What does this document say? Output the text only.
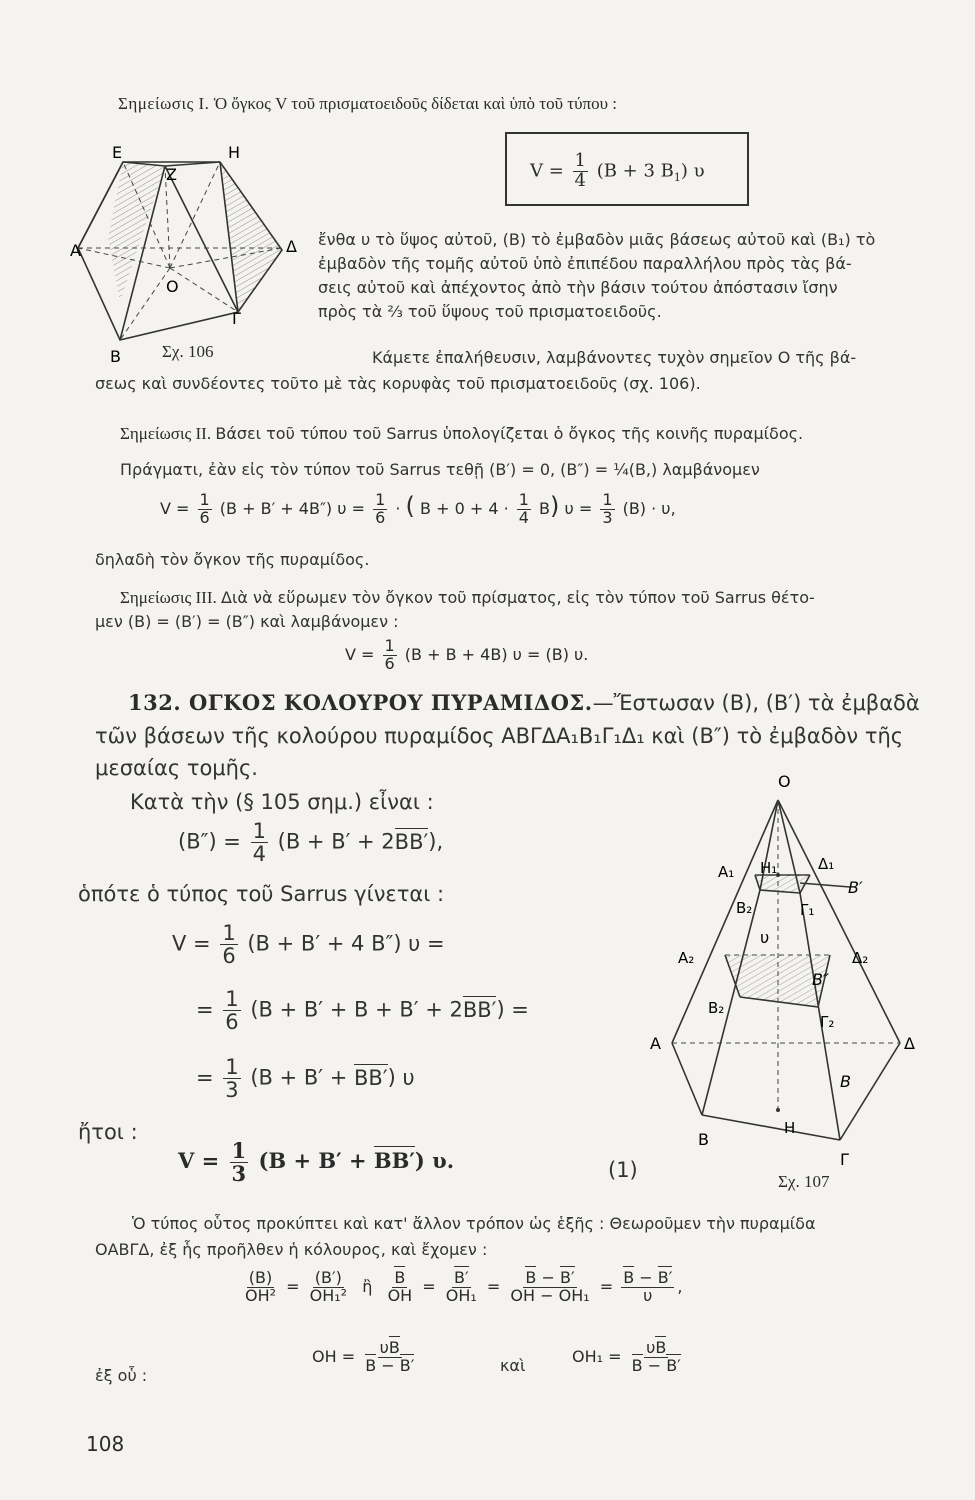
Σημείωσις I. Ὁ ὄγκος V τοῦ πρισματοειδοῦς δίδεται καὶ ὑπὸ τοῦ τύπου :
$V = \frac{1}{4} (B + 3$ $B_1$) υ
ἔνθα υ τὸ ὕψος αὐτοῦ, (B) τὸ ἐμβαδὸν μιᾶς βάσεως αὐτοῦ καὶ (B₁) τὸ
ἐμβαδὸν τῆς τομῆς αὐτοῦ ὑπὸ ἐπιπέδου παραλλήλου πρὸς τὰς βά-
σεις αὐτοῦ καὶ ἀπέχοντος ἀπὸ τὴν βάσιν τούτου ἀπόστασιν ἴσην
πρὸς τὰ ⅔ τοῦ ὕψους τοῦ πρισματοειδοῦς.
Κάμετε ἐπαλήθευσιν, λαμβάνοντες τυχὸν σημεῖον O τῆς βά-
σεως καὶ συνδέοντες τοῦτο μὲ τὰς κορυφὰς τοῦ πρισματοειδοῦς (σχ. 106).
E
Z
H
A
O
Δ
B
Γ
Σχ. 106
Σημείωσις II. Βάσει τοῦ τύπου τοῦ Sarrus ὑπολογίζεται ὁ ὄγκος τῆς κοινῆς πυραμίδος.
Πράγματι, ἐὰν εἰς τὸν τύπον τοῦ Sarrus τεθῇ (B′) = 0, (B″) = ¼(B,) λαμβάνομεν
$V = \frac{1}{6} (B + B' + 4B'') \upsilon = \frac{1}{6}$ · ( $B + 0 + 4 \cdot \frac{1}{4} B$) $\upsilon = \frac{1}{3} (B) \cdot \upsilon$,
δηλαδὴ τὸν ὄγκον τῆς πυραμίδος.
Σημείωσις III. Διὰ νὰ εὕρωμεν τὸν ὄγκον τοῦ πρίσματος, εἰς τὸν τύπον τοῦ Sarrus θέτο-
μεν (B) = (B′) = (B″) καὶ λαμβάνομεν :
$V = \frac{1}{6} (B + B + 4B) \upsilon = (B)$ υ.
132. ΟΓΚΟΣ ΚΟΛΟΥΡΟΥ ΠΥΡΑΜΙΔΟΣ.—Ἔστωσαν (B), (B′) τὰ ἐμβαδὰ
τῶν βάσεων τῆς κολούρου πυραμίδος ΑΒΓΔΑ₁Β₁Γ₁Δ₁ καὶ (B″) τὸ ἐμβαδὸν τῆς
μεσαίας τομῆς.
Κατὰ τὴν (§ 105 σημ.) εἶναι :
$(B'') = \frac{1}{4} (B + B' + 2BB')$,
ὁπότε ὁ τύπος τοῦ Sarrus γίνεται :
$V = \frac{1}{6} (B + B' + 4$ B″) υ =
= $\frac{1}{6} (B + B' + B + B' + 2BB')$ =
= $\frac{1}{3} (B + B' + BB')$ υ
ἤτοι :
$V = \frac{1}{3} (B + B' + BB')$ υ.	(1)
Ὁ τύπος οὗτος προκύπτει καὶ κατ' ἄλλον τρόπον ὡς ἑξῆς : Θεωροῦμεν τὴν πυραμίδα
ΟΑΒΓΔ, ἐξ ἧς προῆλθεν ἡ κόλουρος, καὶ ἔχομεν :
$\frac{(B)}{\text{OH²}} = \frac{(B')}{\text{OH₁²}}$ ἢ $\frac{B}{OH} = \frac{B'}{\text{OH₁}} = \frac{B - B'}{\text{OH − OH₁}} = \frac{B - B'}{\upsilon}$ ,
ἐξ οὗ :
OH = $\frac{\upsilon B}{B - B'}$	καὶ	$OH_1 = \frac{\upsilon B}{B - B'}$
O
A₁ H₁	Δ₁
B′
B₂	Γ₁
υ
A₂	Δ₂
B″
B₂
Γ₂
A	Δ
B
H
B
Γ
Σχ. 107
108
